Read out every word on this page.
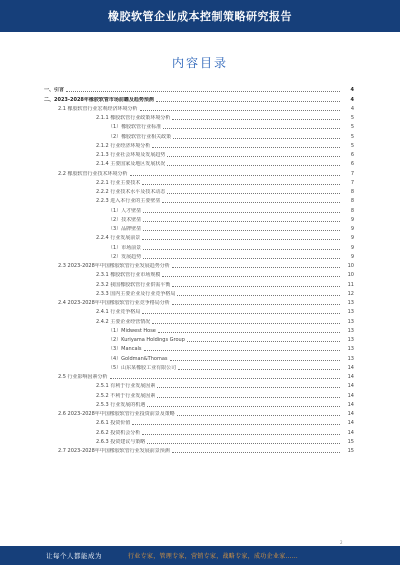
橡胶软管企业成本控制策略研究报告
内容目录
一、引言	4
二、2023-2028年橡胶软管市场前瞻及趋势预测	4
2.1 橡胶软管行业宏观经济环境分析	4
2.1.1 橡胶软管行业政策环境分析	5
（1）橡胶软管行业标准	5
（2）橡胶软管行业相关政策	5
2.1.2 行业经济环境分析	5
2.1.3 行业社会环境及发展趋势	6
2.1.4 主要国家及地区发展状况	6
2.2 橡胶软管行业技术环境分析	7
2.2.1 行业主要技术	7
2.2.2 行业技术水平及技术动态	8
2.2.3 进入本行业的主要壁垒	8
（1）人才壁垒	8
（2）技术壁垒	9
（3）品牌壁垒	9
2.2.4 行业发展前景	9
（1）市场前景	9
（2）发展趋势	9
2.3 2023-2028年中国橡胶软管行业发展趋势分析	10
2.3.1 橡胶软管行业市场规模	10
2.3.2 我国橡胶软管行业供需平衡	11
2.3.3 国内主要企业及行业竞争格局	12
2.4 2023-2028年中国橡胶软管行业竞争格局分析	13
2.4.1 行业竞争格局	13
2.4.2 主要企业经营情况	13
（1）Midwest Hose	13
（2）Kuriyama Holdings Group	13
（3）Mancals	13
（4）Goldman&Thomas	13
（5）山东某橡胶工业有限公司	14
2.5 行业影响因素分析	14
2.5.1 有利于行业发展因素	14
2.5.2 不利于行业发展因素	14
2.5.3 行业发展的机遇	14
2.6 2023-2028年中国橡胶软管行业投资前景及策略	14
2.6.1 投资价值	14
2.6.2 投资机会分析	14
2.6.3 投资建议与策略	15
2.7 2023-2028年中国橡胶软管行业发展前景预测	15
2
让每个人都能成为	行业专家，管理专家，营销专家，战略专家，成功企业家……
